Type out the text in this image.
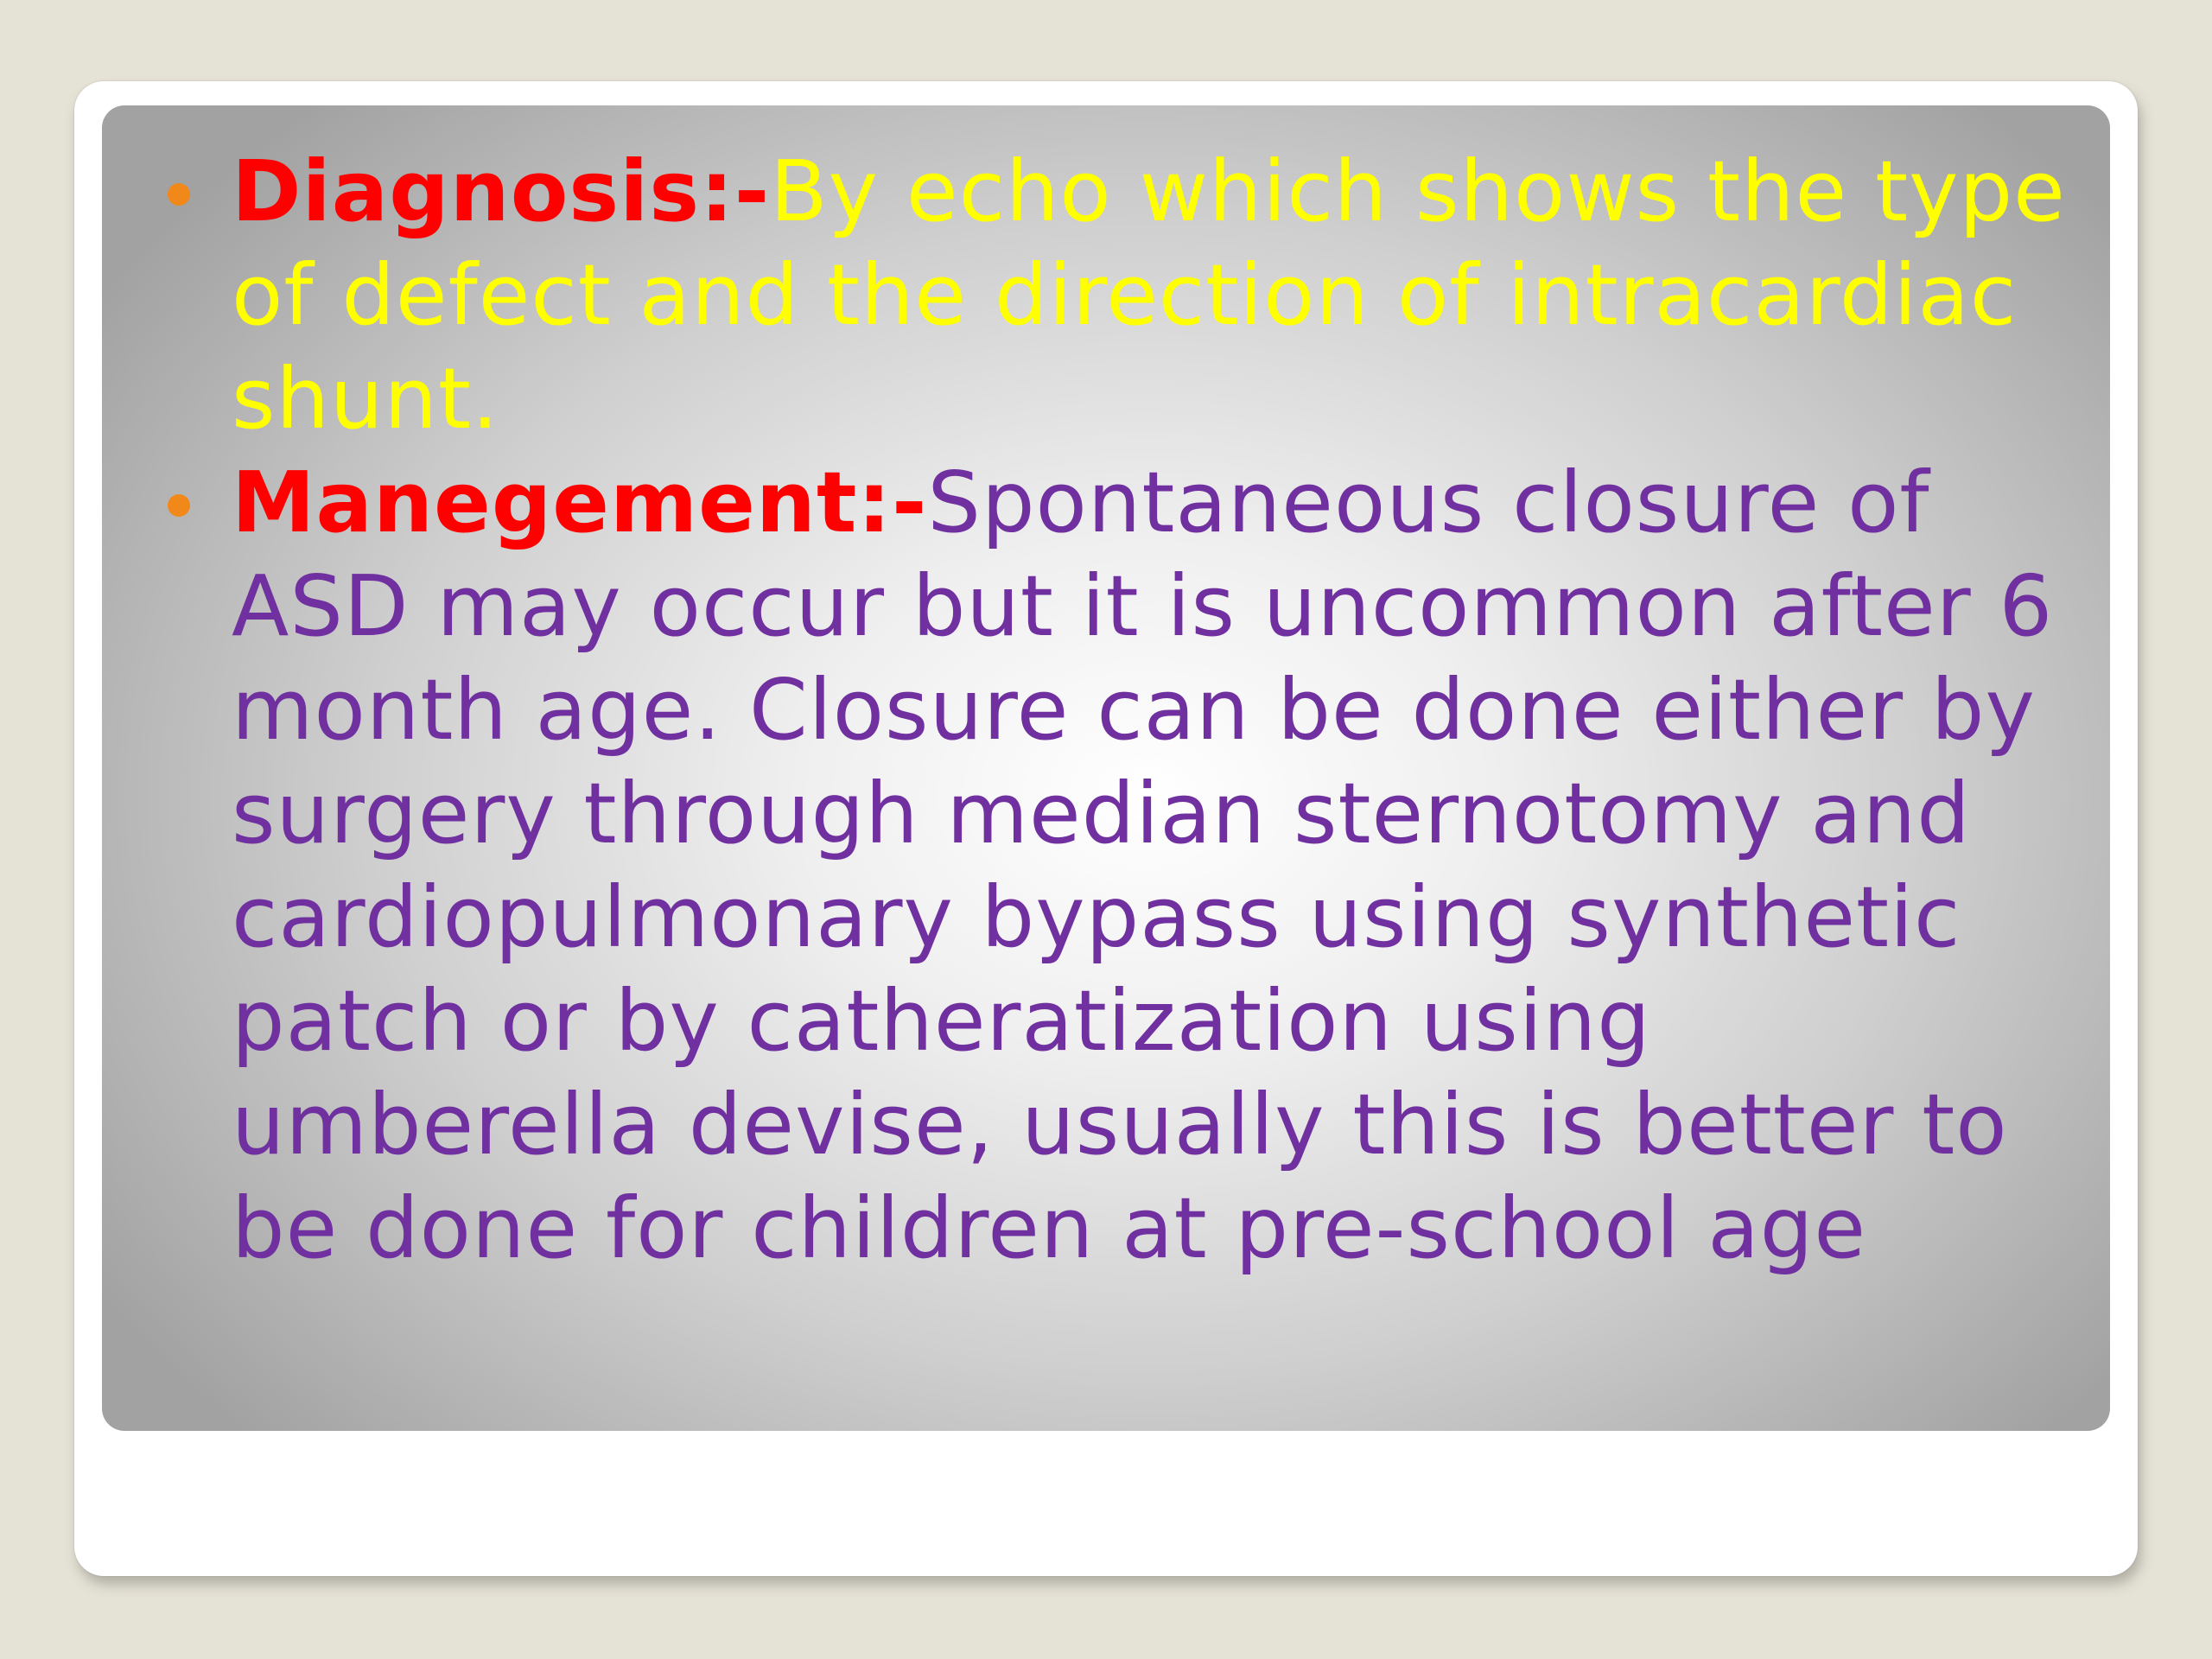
Diagnosis:-By echo which shows the type of defect and the direction of intracardiac shunt.
Manegement:-Spontaneous closure of ASD may occur but it is uncommon after 6 month age. Closure can be done either by surgery through median sternotomy and cardiopulmonary bypass using synthetic patch or by catheratization using umberella devise, usually this is better to be done for children at pre-school age
